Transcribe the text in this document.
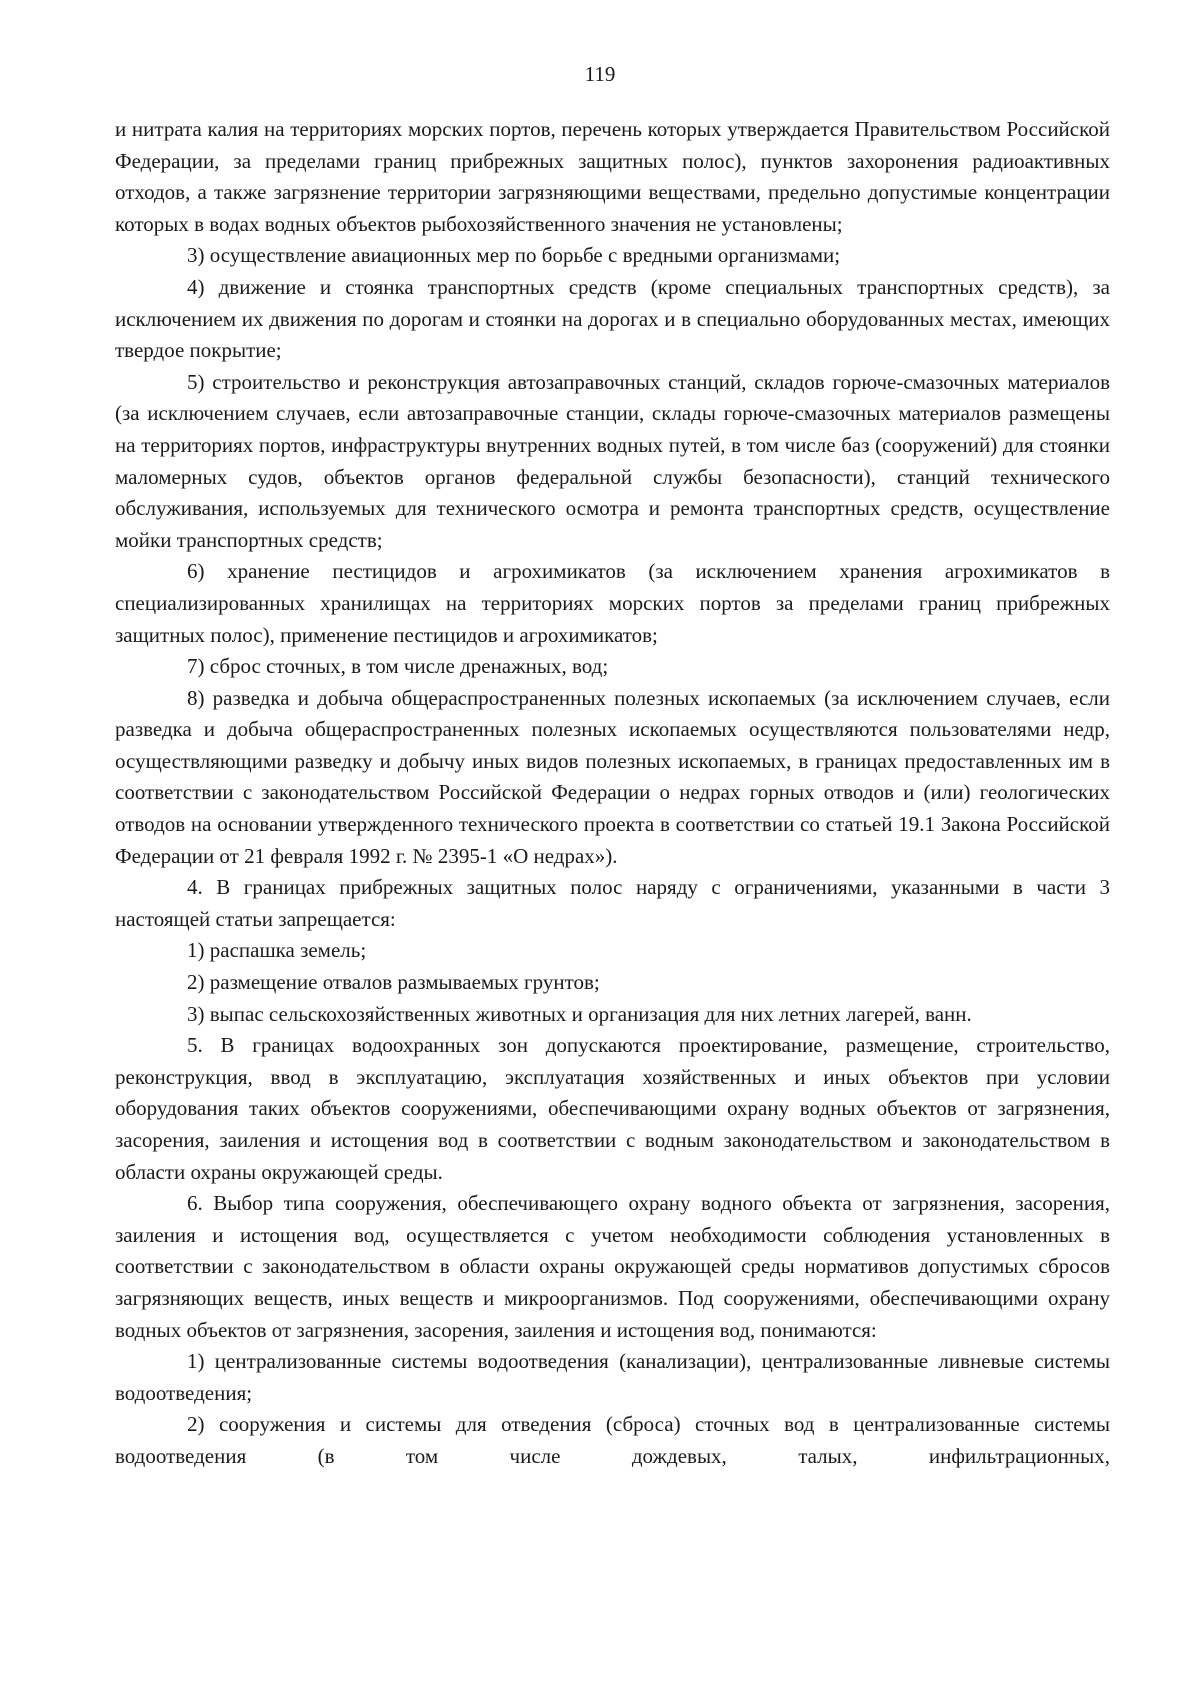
119

и нитрата калия на территориях морских портов, перечень которых утверждается Правительством Российской Федерации, за пределами границ прибрежных защитных полос), пунктов захоронения радиоактивных отходов, а также загрязнение территории загрязняющими веществами, предельно допустимые концентрации которых в водах водных объектов рыбохозяйственного значения не установлены;

3) осуществление авиационных мер по борьбе с вредными организмами;

4) движение и стоянка транспортных средств (кроме специальных транспортных средств), за исключением их движения по дорогам и стоянки на дорогах и в специально оборудованных местах, имеющих твердое покрытие;

5) строительство и реконструкция автозаправочных станций, складов горюче-смазочных материалов (за исключением случаев, если автозаправочные станции, склады горюче-смазочных материалов размещены на территориях портов, инфраструктуры внутренних водных путей, в том числе баз (сооружений) для стоянки маломерных судов, объектов органов федеральной службы безопасности), станций технического обслуживания, используемых для технического осмотра и ремонта транспортных средств, осуществление мойки транспортных средств;

6) хранение пестицидов и агрохимикатов (за исключением хранения агрохимикатов в специализированных хранилищах на территориях морских портов за пределами границ прибрежных защитных полос), применение пестицидов и агрохимикатов;

7) сброс сточных, в том числе дренажных, вод;

8) разведка и добыча общераспространенных полезных ископаемых (за исключением случаев, если разведка и добыча общераспространенных полезных ископаемых осуществляются пользователями недр, осуществляющими разведку и добычу иных видов полезных ископаемых, в границах предоставленных им в соответствии с законодательством Российской Федерации о недрах горных отводов и (или) геологических отводов на основании утвержденного технического проекта в соответствии со статьей 19.1 Закона Российской Федерации от 21 февраля 1992 г. № 2395-1 «О недрах»).

4. В границах прибрежных защитных полос наряду с ограничениями, указанными в части 3 настоящей статьи запрещается:

1) распашка земель;

2) размещение отвалов размываемых грунтов;

3) выпас сельскохозяйственных животных и организация для них летних лагерей, ванн.

5. В границах водоохранных зон допускаются проектирование, размещение, строительство, реконструкция, ввод в эксплуатацию, эксплуатация хозяйственных и иных объектов при условии оборудования таких объектов сооружениями, обеспечивающими охрану водных объектов от загрязнения, засорения, заиления и истощения вод в соответствии с водным законодательством и законодательством в области охраны окружающей среды.

6. Выбор типа сооружения, обеспечивающего охрану водного объекта от загрязнения, засорения, заиления и истощения вод, осуществляется с учетом необходимости соблюдения установленных в соответствии с законодательством в области охраны окружающей среды нормативов допустимых сбросов загрязняющих веществ, иных веществ и микроорганизмов. Под сооружениями, обеспечивающими охрану водных объектов от загрязнения, засорения, заиления и истощения вод, понимаются:

1) централизованные системы водоотведения (канализации), централизованные ливневые системы водоотведения;

2) сооружения и системы для отведения (сброса) сточных вод в централизованные системы водоотведения (в том числе дождевых, талых, инфильтрационных,
